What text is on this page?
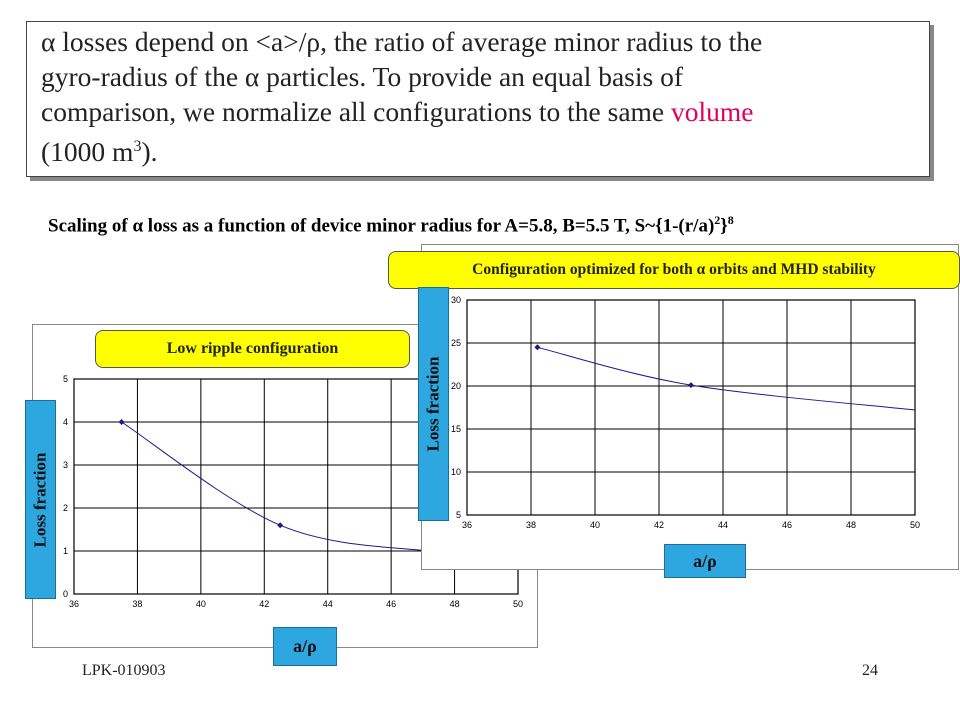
α losses depend on <a>/ρ, the ratio of average minor radius to the
gyro-radius of the α particles. To provide an equal basis of
comparison, we normalize all configurations to the same volume
(1000 $m^3$).
Scaling of α loss as a function of device minor radius for A=5.8, B=5.5 T, $S\sim\{1-(r/a)^2\}^8$
36	38	40	42	44	46	48	50
0
1
2
3
4
5
36	38	40	42	44	46	48	50
5
10
15
20
25
30
Low ripple configuration
Configuration optimized for both α orbits and MHD stability
Loss fraction
Loss fraction
a/ρ
a/ρ
LPK-010903	24
